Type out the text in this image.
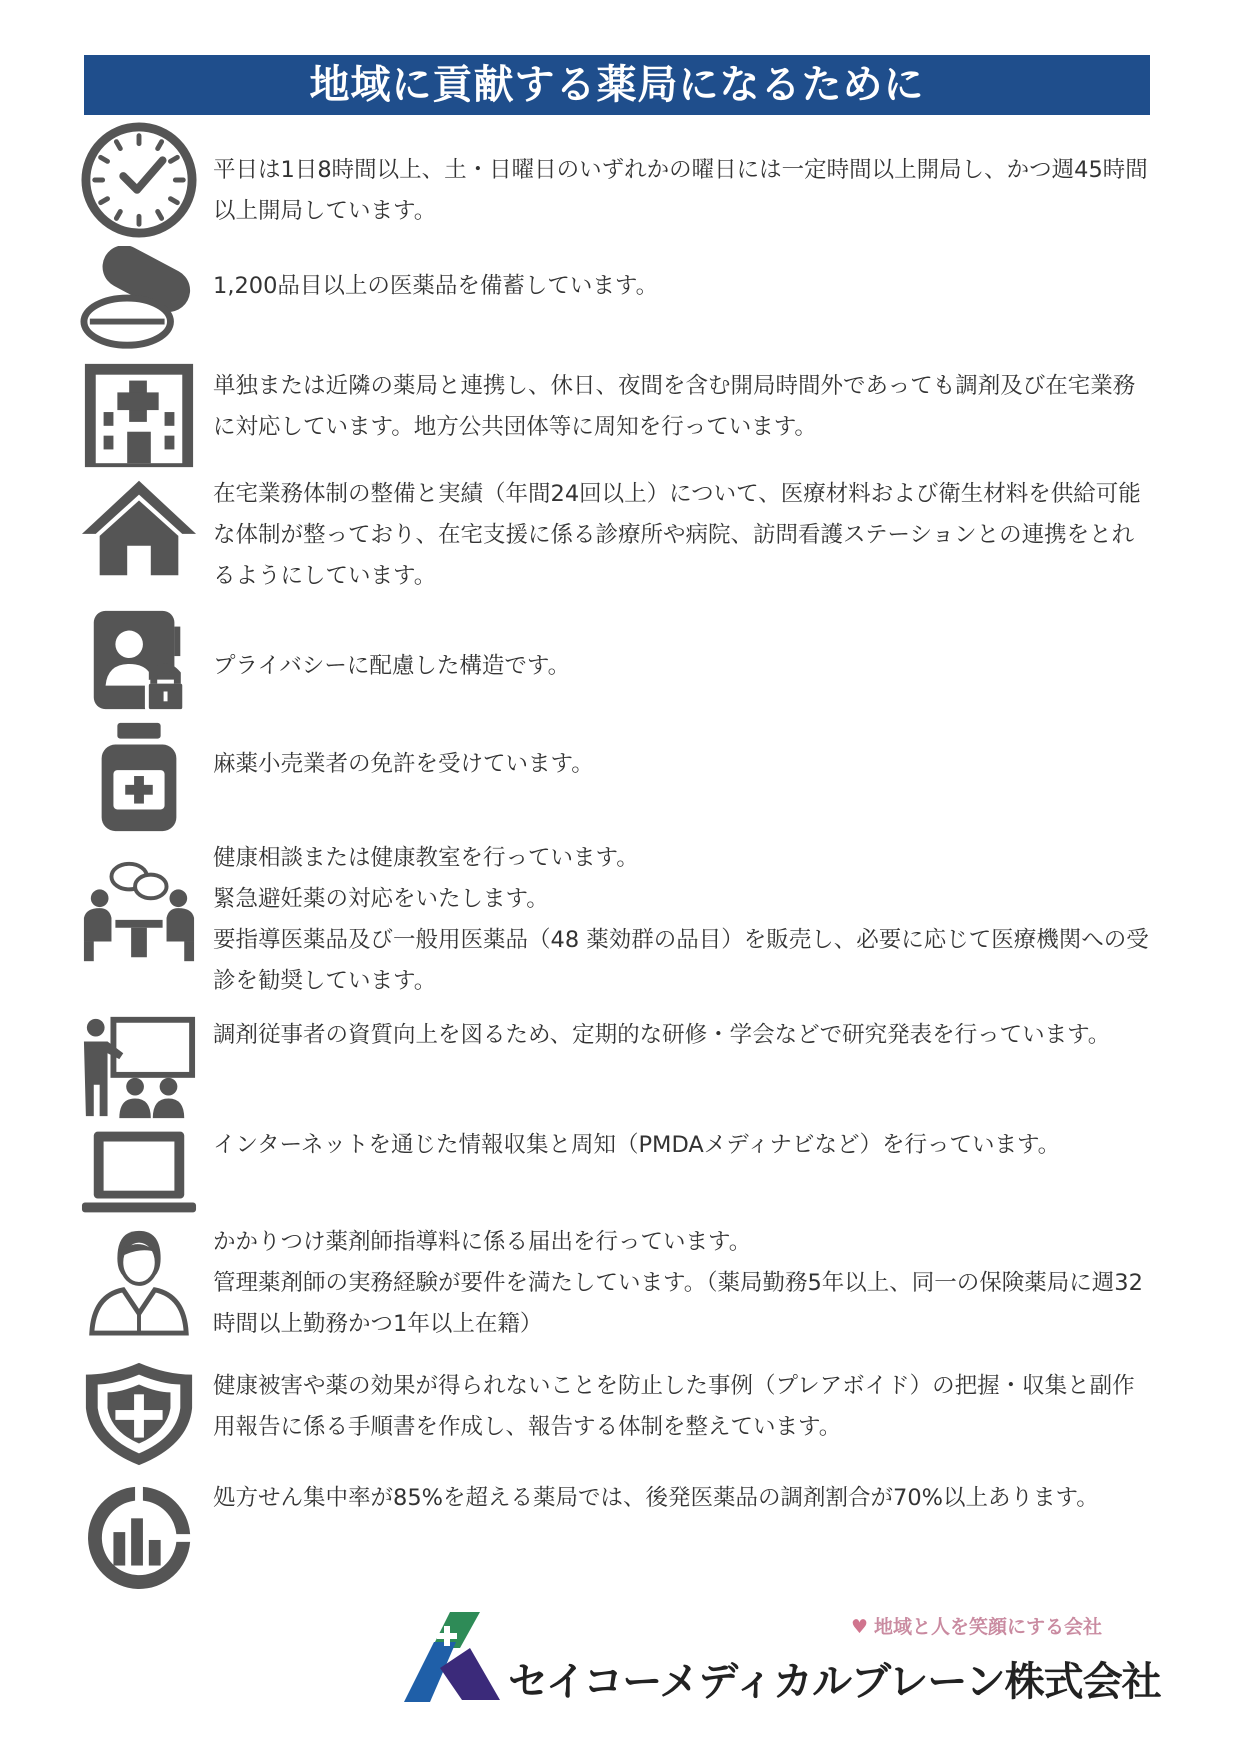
地域に貢献する薬局になるために

平日は1日8時間以上、土・日曜日のいずれかの曜日には一定時間以上開局し、かつ週45時間以上開局しています。

1,200品目以上の医薬品を備蓄しています。

単独または近隣の薬局と連携し、休日、夜間を含む開局時間外であっても調剤及び在宅業務に対応しています。地方公共団体等に周知を行っています。

在宅業務体制の整備と実績（年間24回以上）について、医療材料および衛生材料を供給可能な体制が整っており、在宅支援に係る診療所や病院、訪問看護ステーションとの連携をとれるようにしています。

プライバシーに配慮した構造です。

麻薬小売業者の免許を受けています。

健康相談または健康教室を行っています。

緊急避妊薬の対応をいたします。

要指導医薬品及び一般用医薬品（48 薬効群の品目）を販売し、必要に応じて医療機関への受診を勧奨しています。

調剤従事者の資質向上を図るため、定期的な研修・学会などで研究発表を行っています。

インターネットを通じた情報収集と周知（PMDAメディナビなど）を行っています。

かかりつけ薬剤師指導料に係る届出を行っています。

管理薬剤師の実務経験が要件を満たしています。（薬局勤務5年以上、同一の保険薬局に週32時間以上勤務かつ1年以上在籍）

健康被害や薬の効果が得られないことを防止した事例（プレアボイド）の把握・収集と副作用報告に係る手順書を作成し、報告する体制を整えています。

処方せん集中率が85%を超える薬局では、後発医薬品の調剤割合が70%以上あります。

♥ 地域と人を笑顔にする会社
セイコーメディカルブレーン株式会社
